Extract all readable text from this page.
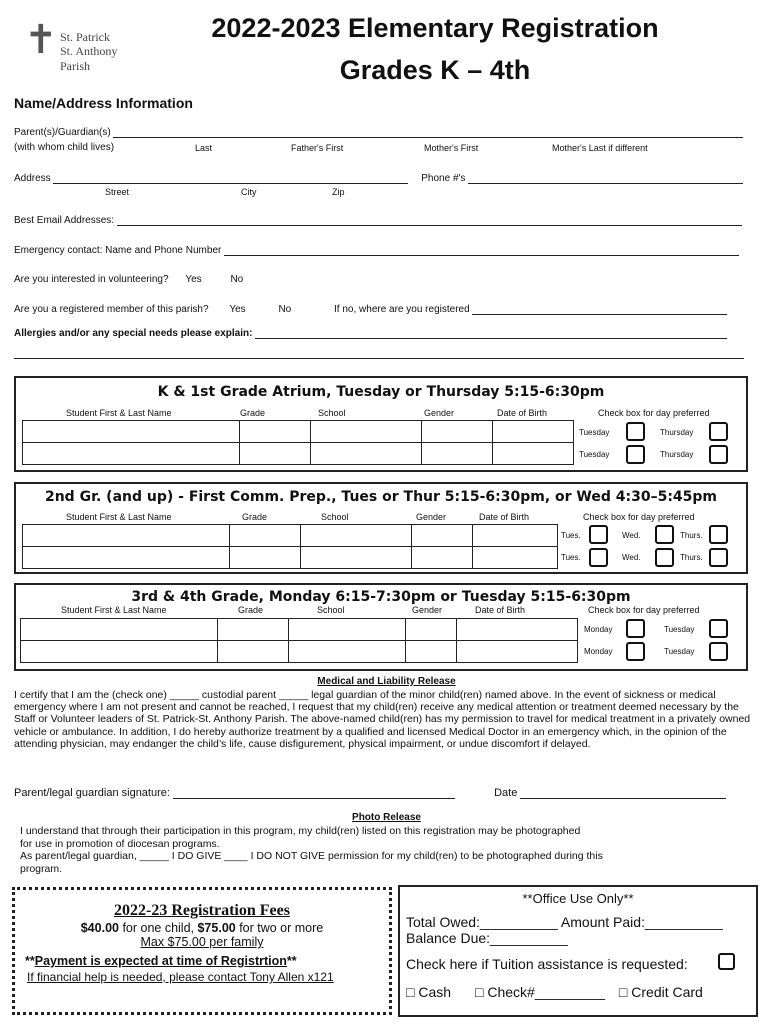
✝ St. Patrick
St. Anthony Parish
2022-2023 Elementary Registration
Grades K – 4th
Name/Address Information
Parent(s)/Guardian(s)
(with whom child lives)	Last	Father's First	Mother's First	Mother's Last if different
Address	Phone #'s
Street	City	Zip
Best Email Addresses:
Emergency contact: Name and Phone Number
Are you interested in volunteering? Yes	No
Are you a registered member of this parish? Yes	No	If no, where are you registered
Allergies and/or any special needs please explain:
K & 1st Grade Atrium, Tuesday or Thursday 5:15-6:30pm
Student First & Last Name	Grade	School	Gender	Date of Birth	Check box for day preferred

Tuesday	Thursday
Tuesday	Thursday
2nd Gr. (and up) - First Comm. Prep., Tues or Thur 5:15-6:30pm, or Wed 4:30–5:45pm
Student First & Last Name	Grade	School	Gender	Date of Birth	Check box for day preferred

Tues.	Wed.	Thurs.
Tues.	Wed.	Thurs.
3rd & 4th Grade, Monday 6:15-7:30pm or Tuesday 5:15-6:30pm
Student First & Last Name	Grade	School	Gender	Date of Birth	Check box for day preferred

Monday	Tuesday
Monday	Tuesday
Medical and Liability Release
I certify that I am the (check one) _____ custodial parent _____ legal guardian of the minor child(ren) named above. In the event of sickness or medical emergency where I am not present and cannot be reached, I request that my child(ren) receive any medical attention or treatment deemed necessary by the Staff or Volunteer leaders of St. Patrick-St. Anthony Parish. The above-named child(ren) has my permission to travel for medical treatment in a privately owned vehicle or ambulance. In addition, I do hereby authorize treatment by a qualified and licensed Medical Doctor in an emergency which, in the opinion of the attending physician, may endanger the child’s life, cause disfigurement, physical impairment, or undue discomfort if delayed.
Parent/legal guardian signature:	Date
Photo Release
I understand that through their participation in this program, my child(ren) listed on this registration may be photographed
for use in promotion of diocesan programs.
As parent/legal guardian, _____ I DO GIVE ____ I DO NOT GIVE permission for my child(ren) to be photographed during this
program.
2022-23 Registration Fees
$40.00 for one child, $75.00 for two or more
Max $75.00 per family
**Payment is expected at time of Registrtion**
If financial help is needed, please contact Tony Allen x121
**Office Use Only**
Total Owed:__________ Amount Paid:__________
Balance Due:__________
Check here if Tuition assistance is requested:
□ Cash □ Check#_________ □ Credit Card
